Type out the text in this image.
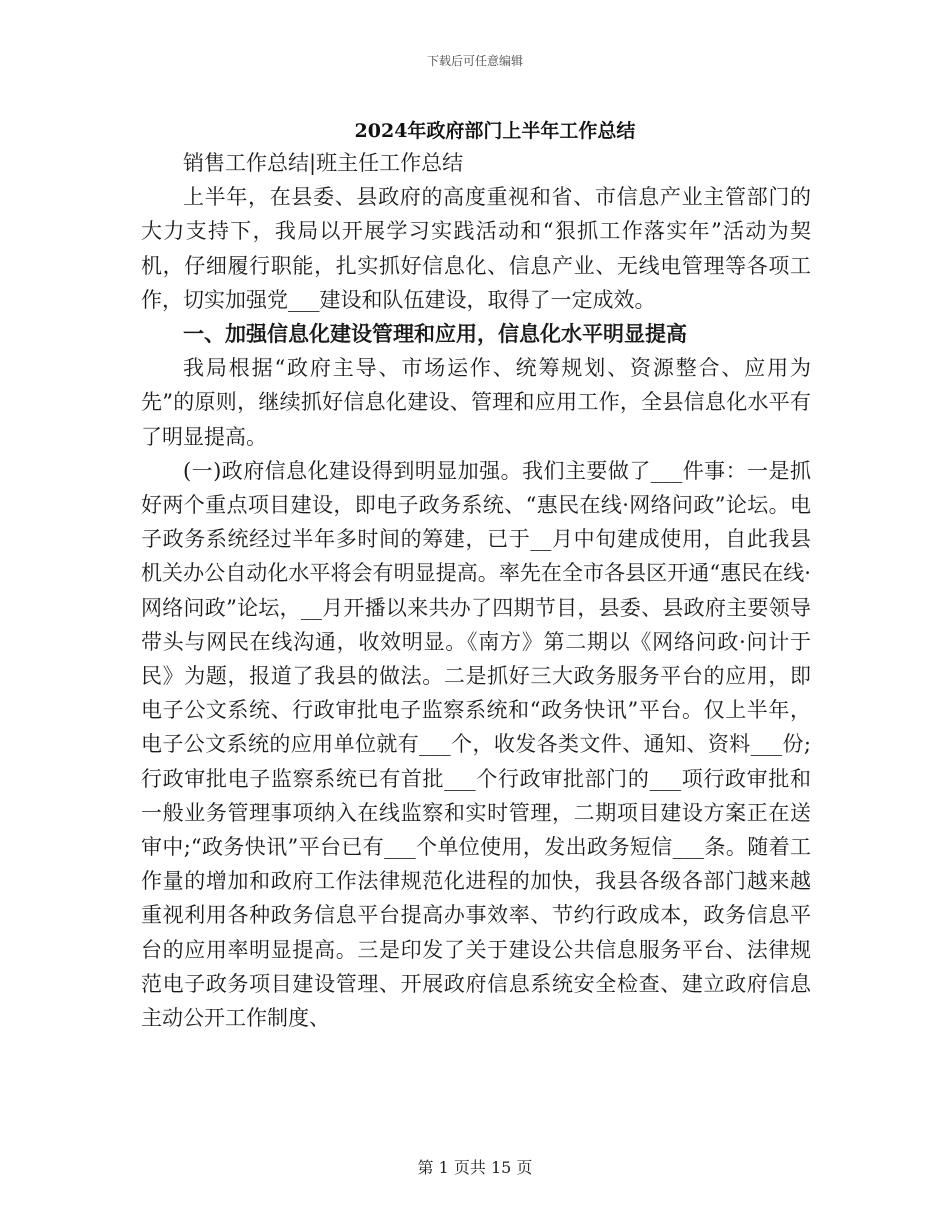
下载后可任意编辑
2024年政府部门上半年工作总结

销售工作总结|班主任工作总结

上半年，在县委、县政府的高度重视和省、市信息产业主管部门的大力支持下，我局以开展学习实践活动和“狠抓工作落实年”活动为契机，仔细履行职能，扎实抓好信息化、信息产业、无线电管理等各项工作，切实加强党___建设和队伍建设，取得了一定成效。

一、加强信息化建设管理和应用，信息化水平明显提高

我局根据“政府主导、市场运作、统筹规划、资源整合、应用为先”的原则，继续抓好信息化建设、管理和应用工作，全县信息化水平有了明显提高。

(一)政府信息化建设得到明显加强。我们主要做了___件事：一是抓好两个重点项目建设，即电子政务系统、“惠民在线·网络问政”论坛。电子政务系统经过半年多时间的筹建，已于__月中旬建成使用，自此我县机关办公自动化水平将会有明显提高。率先在全市各县区开通“惠民在线·网络问政”论坛，__月开播以来共办了四期节目，县委、县政府主要领导带头与网民在线沟通，收效明显。《南方》第二期以《网络问政·问计于民》为题，报道了我县的做法。二是抓好三大政务服务平台的应用，即电子公文系统、行政审批电子监察系统和“政务快讯”平台。仅上半年，电子公文系统的应用单位就有___个，收发各类文件、通知、资料___份;行政审批电子监察系统已有首批___个行政审批部门的___项行政审批和一般业务管理事项纳入在线监察和实时管理，二期项目建设方案正在送审中;“政务快讯”平台已有___个单位使用，发出政务短信___条。随着工作量的增加和政府工作法律规范化进程的加快，我县各级各部门越来越重视利用各种政务信息平台提高办事效率、节约行政成本，政务信息平台的应用率明显提高。三是印发了关于建设公共信息服务平台、法律规范电子政务项目建设管理、开展政府信息系统安全检查、建立政府信息主动公开工作制度、

第 1 页共 15 页
